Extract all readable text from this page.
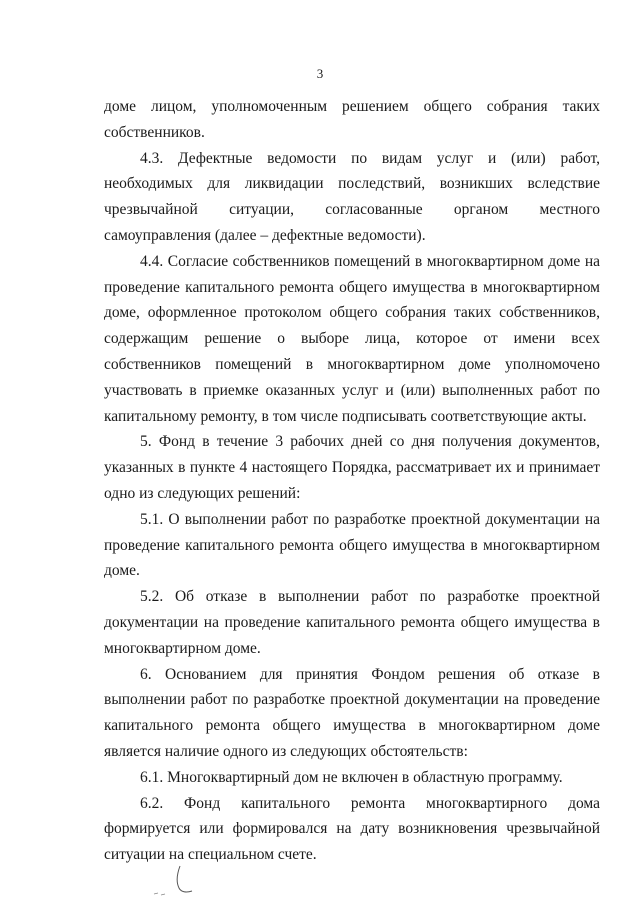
3

доме лицом, уполномоченным решением общего собрания таких собственников.

4.3. Дефектные ведомости по видам услуг и (или) работ, необходимых для ликвидации последствий, возникших вследствие чрезвычайной ситуации, согласованные органом местного самоуправления (далее – дефектные ведомости).

4.4. Согласие собственников помещений в многоквартирном доме на проведение капитального ремонта общего имущества в многоквартирном доме, оформленное протоколом общего собрания таких собственников, содержащим решение о выборе лица, которое от имени всех собственников помещений в многоквартирном доме уполномочено участвовать в приемке оказанных услуг и (или) выполненных работ по капитальному ремонту, в том числе подписывать соответствующие акты.

5. Фонд в течение 3 рабочих дней со дня получения документов, указанных в пункте 4 настоящего Порядка, рассматривает их и принимает одно из следующих решений:

5.1. О выполнении работ по разработке проектной документации на проведение капитального ремонта общего имущества в многоквартирном доме.

5.2. Об отказе в выполнении работ по разработке проектной документации на проведение капитального ремонта общего имущества в многоквартирном доме.

6. Основанием для принятия Фондом решения об отказе в выполнении работ по разработке проектной документации на проведение капитального ремонта общего имущества в многоквартирном доме является наличие одного из следующих обстоятельств:

6.1. Многоквартирный дом не включен в областную программу.

6.2. Фонд капитального ремонта многоквартирного дома формируется или формировался на дату возникновения чрезвычайной ситуации на специальном счете.
